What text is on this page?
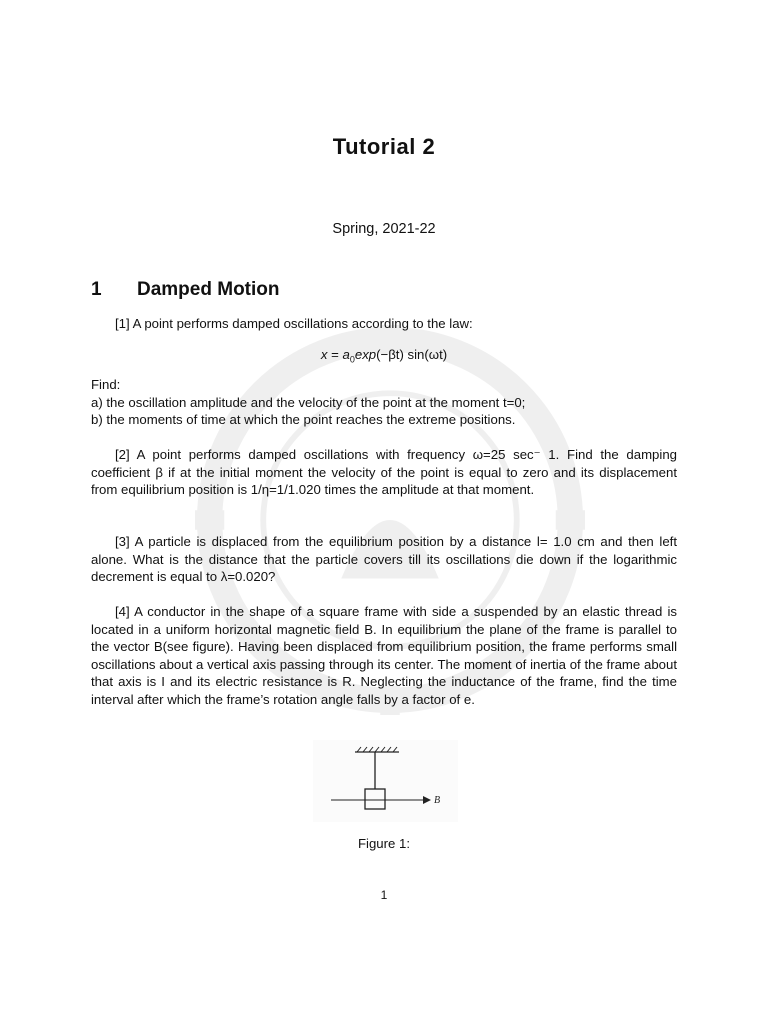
Tutorial 2
Spring, 2021-22
1 Damped Motion
[1] A point performs damped oscillations according to the law:
$x = a_0\exp(-\beta t)$ sin(ωt)
Find:
a) the oscillation amplitude and the velocity of the point at the moment t=0;
b) the moments of time at which the point reaches the extreme positions.
[2] A point performs damped oscillations with frequency ω=25 sec⁻ 1. Find the damping coefficient β if at the initial moment the velocity of the point is equal to zero and its displacement from equilibrium position is 1/η=1/1.020 times the amplitude at that moment.
[3] A particle is displaced from the equilibrium position by a distance l= 1.0 cm and then left alone. What is the distance that the particle covers till its oscillations die down if the logarithmic decrement is equal to λ=0.020?
[4] A conductor in the shape of a square frame with side a suspended by an elastic thread is located in a uniform horizontal magnetic field B. In equilibrium the plane of the frame is parallel to the vector B(see figure). Having been displaced from equilibrium position, the frame performs small oscillations about a vertical axis passing through its center. The moment of inertia of the frame about that axis is I and its electric resistance is R. Neglecting the inductance of the frame, find the time interval after which the frame’s rotation angle falls by a factor of e.
B
Figure 1:
1
